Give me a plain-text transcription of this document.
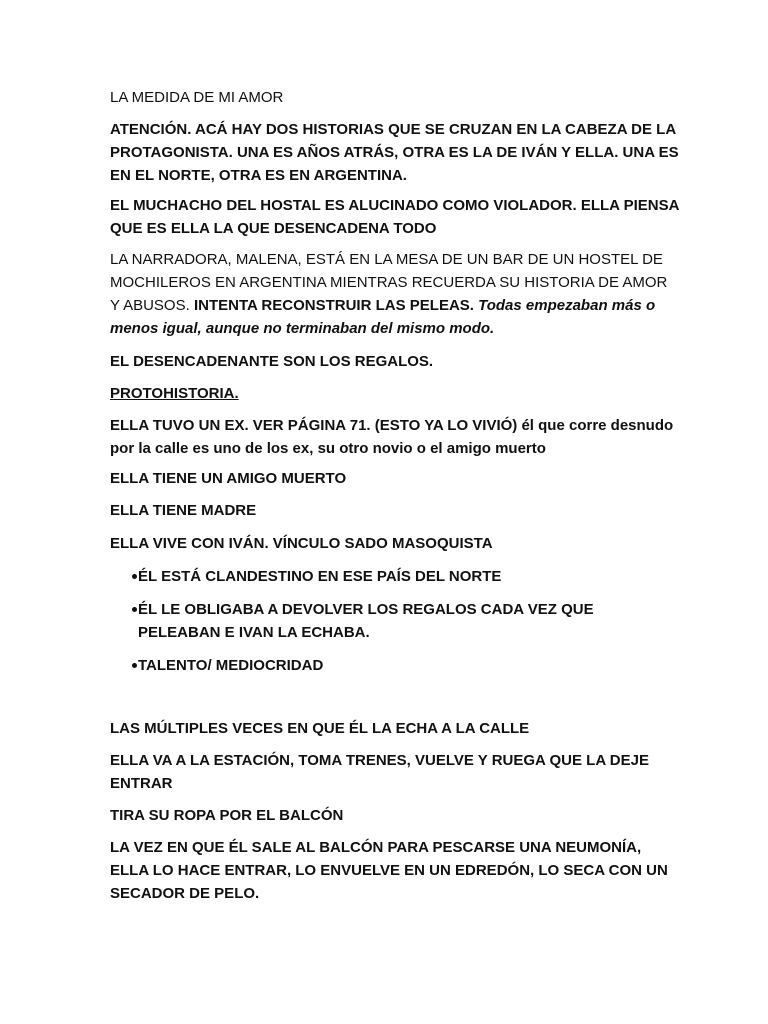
LA MEDIDA DE MI AMOR

ATENCIÓN. ACÁ HAY DOS HISTORIAS QUE SE CRUZAN EN LA CABEZA DE LA PROTAGONISTA. UNA ES AÑOS ATRÁS, OTRA ES LA DE IVÁN Y ELLA. UNA ES EN EL NORTE, OTRA ES EN ARGENTINA.

EL MUCHACHO DEL HOSTAL ES ALUCINADO COMO VIOLADOR. ELLA PIENSA QUE ES ELLA LA QUE DESENCADENA TODO

LA NARRADORA, MALENA, ESTÁ EN LA MESA DE UN BAR DE UN HOSTEL DE MOCHILEROS EN ARGENTINA MIENTRAS RECUERDA SU HISTORIA DE AMOR Y ABUSOS. INTENTA RECONSTRUIR LAS PELEAS. Todas empezaban más o menos igual, aunque no terminaban del mismo modo.

EL DESENCADENANTE SON LOS REGALOS.

PROTOHISTORIA.

ELLA TUVO UN EX. VER PÁGINA 71. (ESTO YA LO VIVIÓ) él que corre desnudo por la calle es uno de los ex, su otro novio o el amigo muerto

ELLA TIENE UN AMIGO MUERTO

ELLA TIENE MADRE

ELLA VIVE CON IVÁN. VÍNCULO SADO MASOQUISTA

ÉL ESTÁ CLANDESTINO EN ESE PAÍS DEL NORTE
ÉL LE OBLIGABA A DEVOLVER LOS REGALOS CADA VEZ QUE PELEABAN E IVAN LA ECHABA.
TALENTO/ MEDIOCRIDAD

LAS MÚLTIPLES VECES EN QUE ÉL LA ECHA A LA CALLE

ELLA VA A LA ESTACIÓN, TOMA TRENES, VUELVE Y RUEGA QUE LA DEJE ENTRAR

TIRA SU ROPA POR EL BALCÓN

LA VEZ EN QUE ÉL SALE AL BALCÓN PARA PESCARSE UNA NEUMONÍA, ELLA LO HACE ENTRAR, LO ENVUELVE EN UN EDREDÓN, LO SECA CON UN SECADOR DE PELO.
